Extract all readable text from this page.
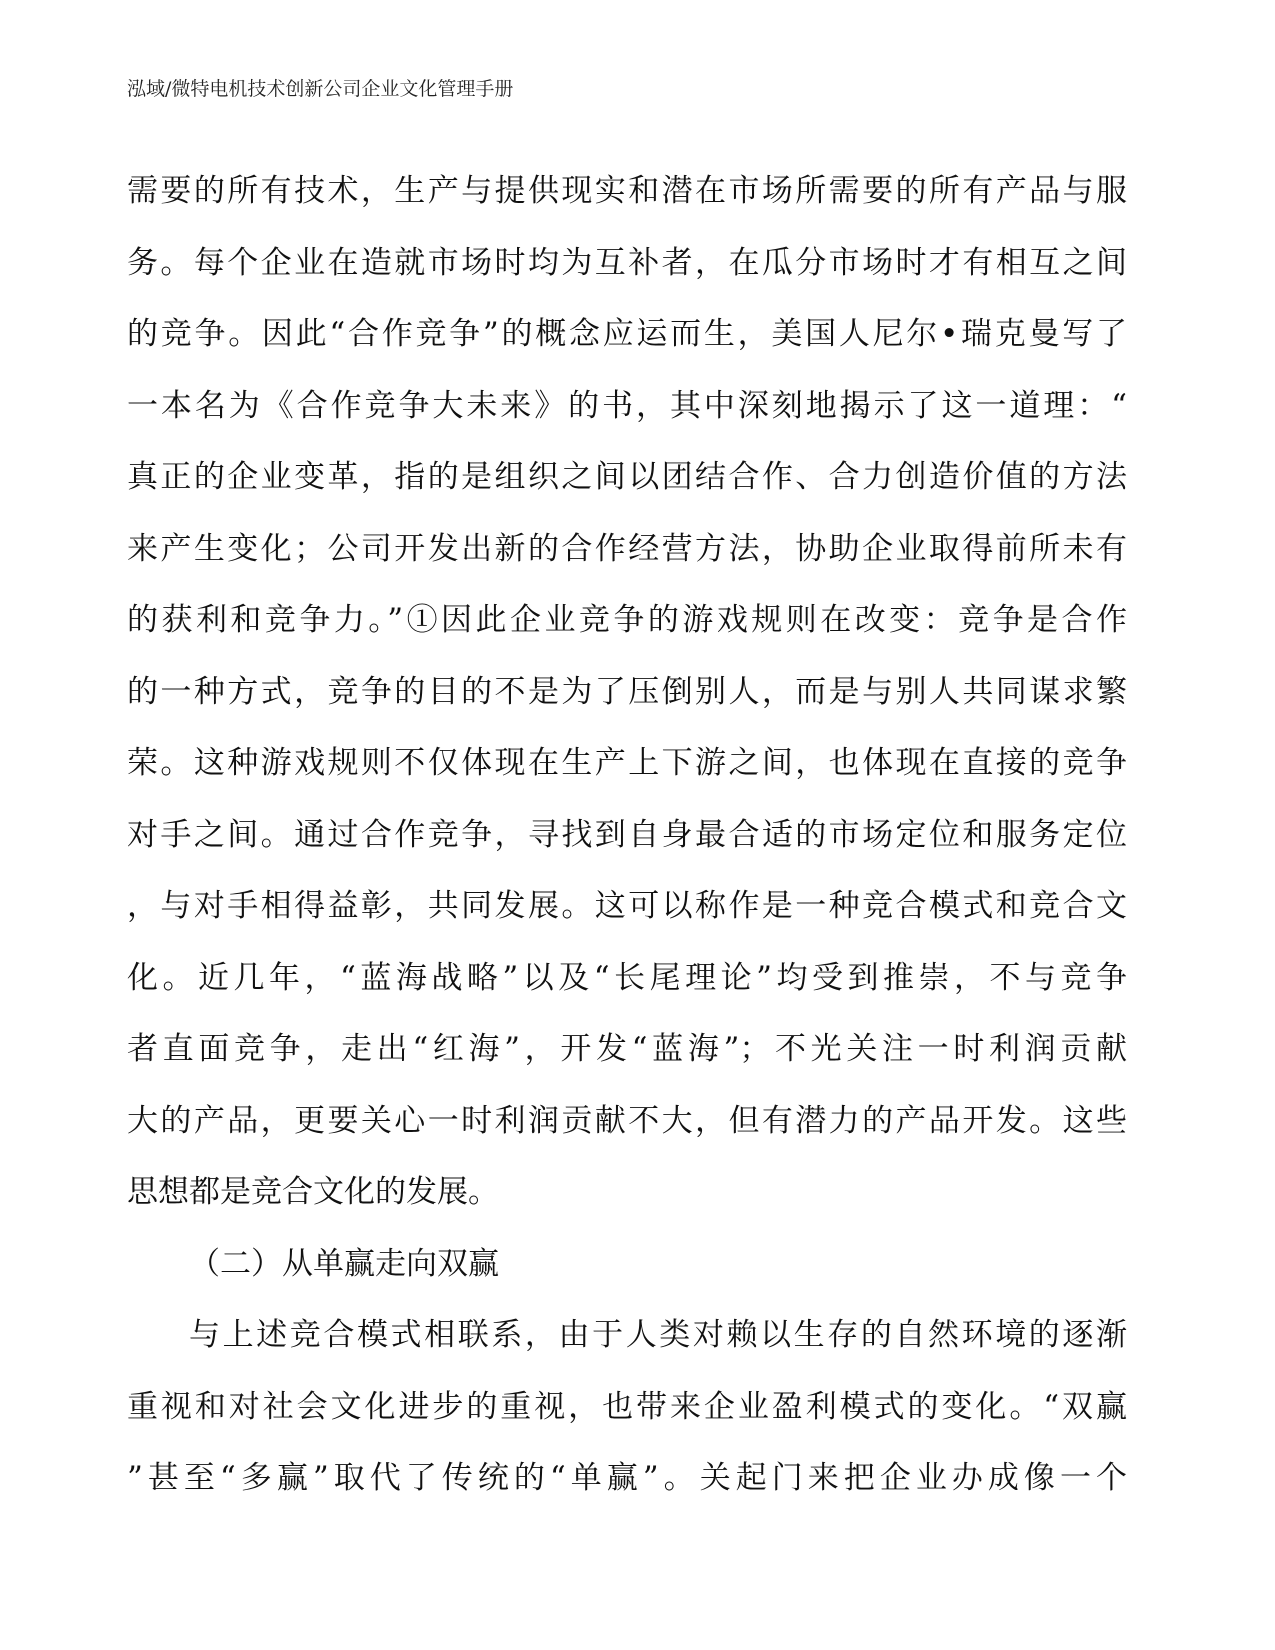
泓域/微特电机技术创新公司企业文化管理手册
需要的所有技术，生产与提供现实和潜在市场所需要的所有产品与服
务。每个企业在造就市场时均为互补者，在瓜分市场时才有相互之间
的竞争。因此“合作竞争”的概念应运而生，美国人尼尔•瑞克曼写了
一本名为《合作竞争大未来》的书，其中深刻地揭示了这一道理：“
真正的企业变革，指的是组织之间以团结合作、合力创造价值的方法
来产生变化；公司开发出新的合作经营方法，协助企业取得前所未有
的获利和竞争力。”①因此企业竞争的游戏规则在改变：竞争是合作
的一种方式，竞争的目的不是为了压倒别人，而是与别人共同谋求繁
荣。这种游戏规则不仅体现在生产上下游之间，也体现在直接的竞争
对手之间。通过合作竞争，寻找到自身最合适的市场定位和服务定位
，与对手相得益彰，共同发展。这可以称作是一种竞合模式和竞合文
化。近几年，“蓝海战略”以及“长尾理论”均受到推崇，不与竞争
者直面竞争，走出“红海”，开发“蓝海”；不光关注一时利润贡献
大的产品，更要关心一时利润贡献不大，但有潜力的产品开发。这些
思想都是竞合文化的发展。
（二）从单赢走向双赢
与上述竞合模式相联系，由于人类对赖以生存的自然环境的逐渐
重视和对社会文化进步的重视，也带来企业盈利模式的变化。“双赢
”甚至“多赢”取代了传统的“单赢”。关起门来把企业办成像一个
